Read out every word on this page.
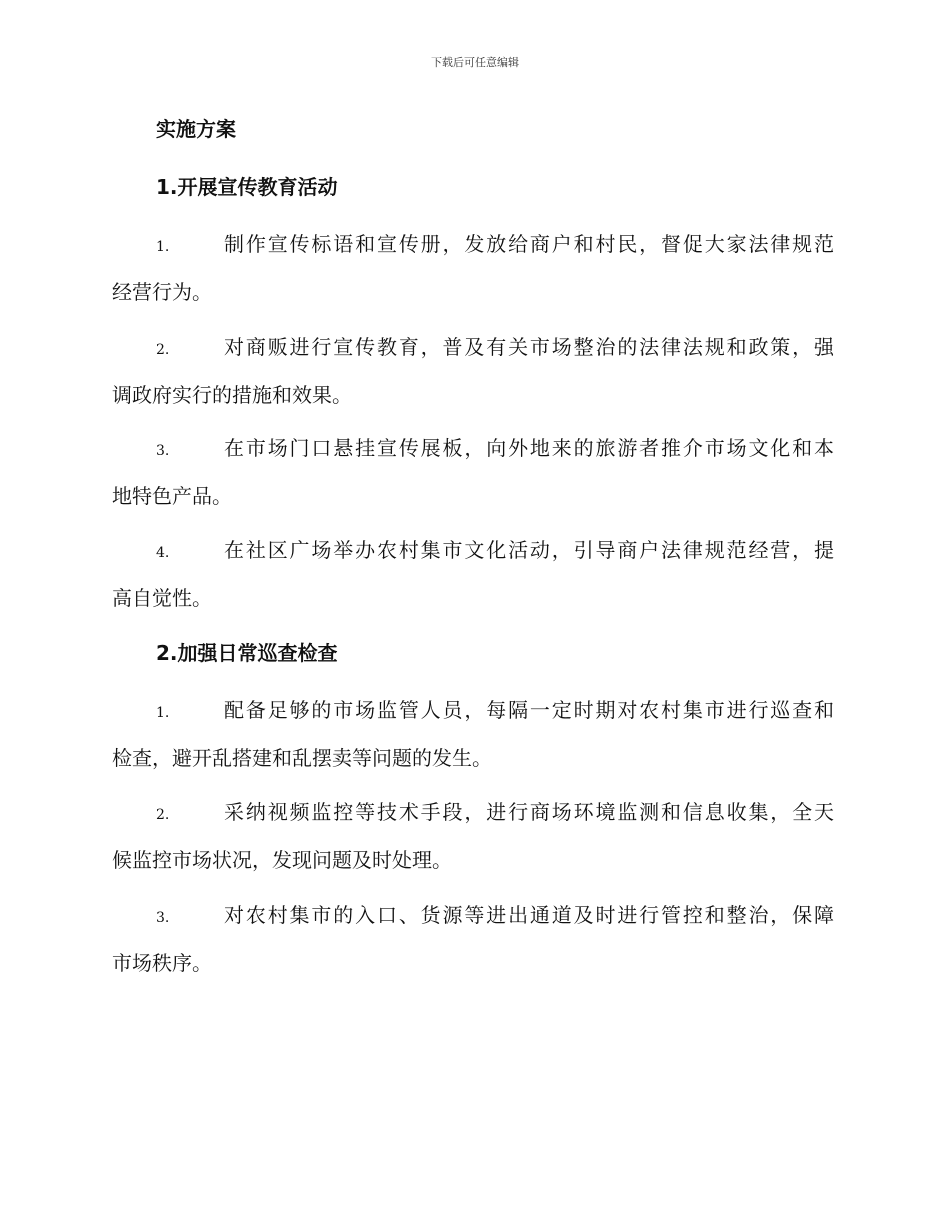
下载后可任意编辑
实施方案
1.开展宣传教育活动
1.	制作宣传标语和宣传册，发放给商户和村民，督促大家法律规范
经营行为。
2.	对商贩进行宣传教育，普及有关市场整治的法律法规和政策，强
调政府实行的措施和效果。
3.	在市场门口悬挂宣传展板，向外地来的旅游者推介市场文化和本
地特色产品。
4.	在社区广场举办农村集市文化活动，引导商户法律规范经营，提
高自觉性。
2.加强日常巡查检查
1.	配备足够的市场监管人员，每隔一定时期对农村集市进行巡查和
检查，避开乱搭建和乱摆卖等问题的发生。
2.	采纳视频监控等技术手段，进行商场环境监测和信息收集，全天
候监控市场状况，发现问题及时处理。
3.	对农村集市的入口、货源等进出通道及时进行管控和整治，保障
市场秩序。
